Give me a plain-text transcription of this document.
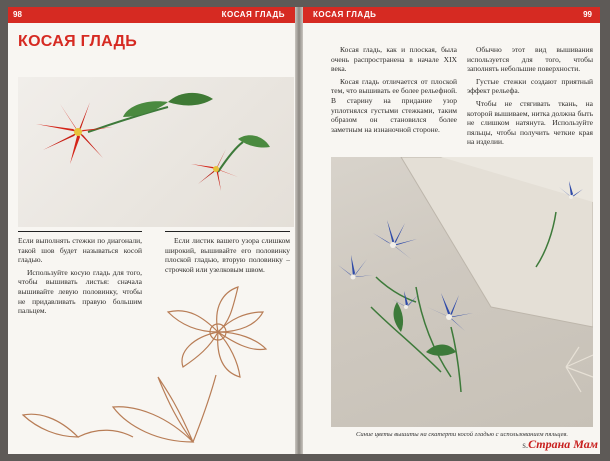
98	КОСАЯ ГЛАДЬ
КОСАЯ ГЛАДЬ

Если выполнять стежки по диагонали, такой шов будет называться косой гладью.

Используйте косую гладь для того, чтобы вышивать листья: сначала вышивайте левую половинку, чтобы не придавливать правую большим пальцем.

Если листик вашего узора слишком широкий, вышивайте его половинку плоской гладью, вторую половинку – строчкой или узелковым швом.

КОСАЯ ГЛАДЬ	99

Косая гладь, как и плоская, была очень распространена в начале XIX века.

Косая гладь отличается от плоской тем, что вышивать ее более рельефной. В старину на придание узор уплотнялся густыми стежками, таким образом он становился более заметным на изнаночной стороне.

Обычно этот вид вышивания используется для того, чтобы заполнять небольшие поверхности.

Густые стежки создают приятный эффект рельефа.

Чтобы не стягивать ткань, на которой вышиваем, нитка должна быть не слишком натянута. Используйте пяльцы, чтобы получить четкие края на изделии.

Синие цветы вышиты на скатерти косой гладью с использованием пяльцев.
s.Страна Мам
